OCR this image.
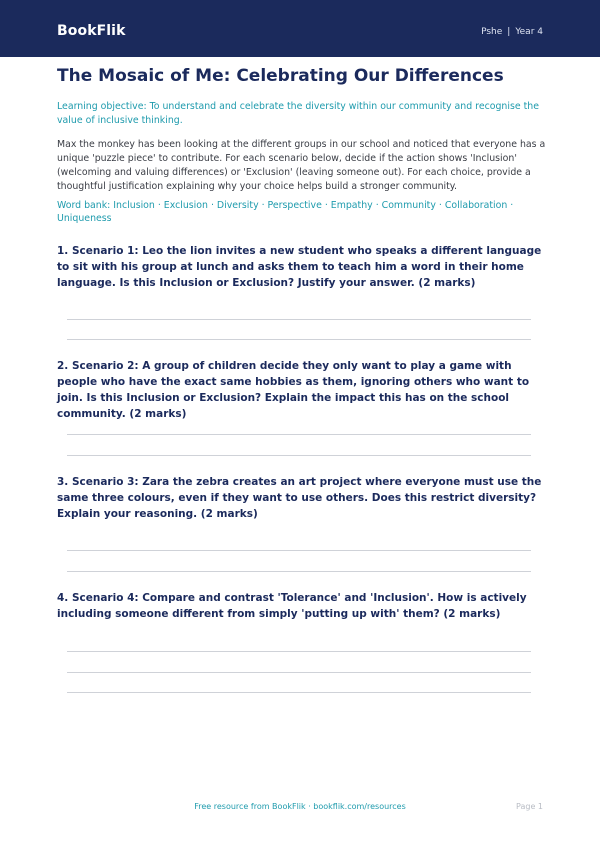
BookFlik	Pshe | Year 4
The Mosaic of Me: Celebrating Our Differences
Learning objective: To understand and celebrate the diversity within our community and recognise the value of inclusive thinking.
Max the monkey has been looking at the different groups in our school and noticed that everyone has a unique 'puzzle piece' to contribute. For each scenario below, decide if the action shows 'Inclusion' (welcoming and valuing differences) or 'Exclusion' (leaving someone out). For each choice, provide a thoughtful justification explaining why your choice helps build a stronger community.
Word bank: Inclusion · Exclusion · Diversity · Perspective · Empathy · Community · Collaboration · Uniqueness
1. Scenario 1: Leo the lion invites a new student who speaks a different language to sit with his group at lunch and asks them to teach him a word in their home language. Is this Inclusion or Exclusion? Justify your answer. (2 marks)
2. Scenario 2: A group of children decide they only want to play a game with people who have the exact same hobbies as them, ignoring others who want to join. Is this Inclusion or Exclusion? Explain the impact this has on the school community. (2 marks)
3. Scenario 3: Zara the zebra creates an art project where everyone must use the same three colours, even if they want to use others. Does this restrict diversity? Explain your reasoning. (2 marks)
4. Scenario 4: Compare and contrast 'Tolerance' and 'Inclusion'. How is actively including someone different from simply 'putting up with' them? (2 marks)
Free resource from BookFlik · bookflik.com/resources	Page 1
